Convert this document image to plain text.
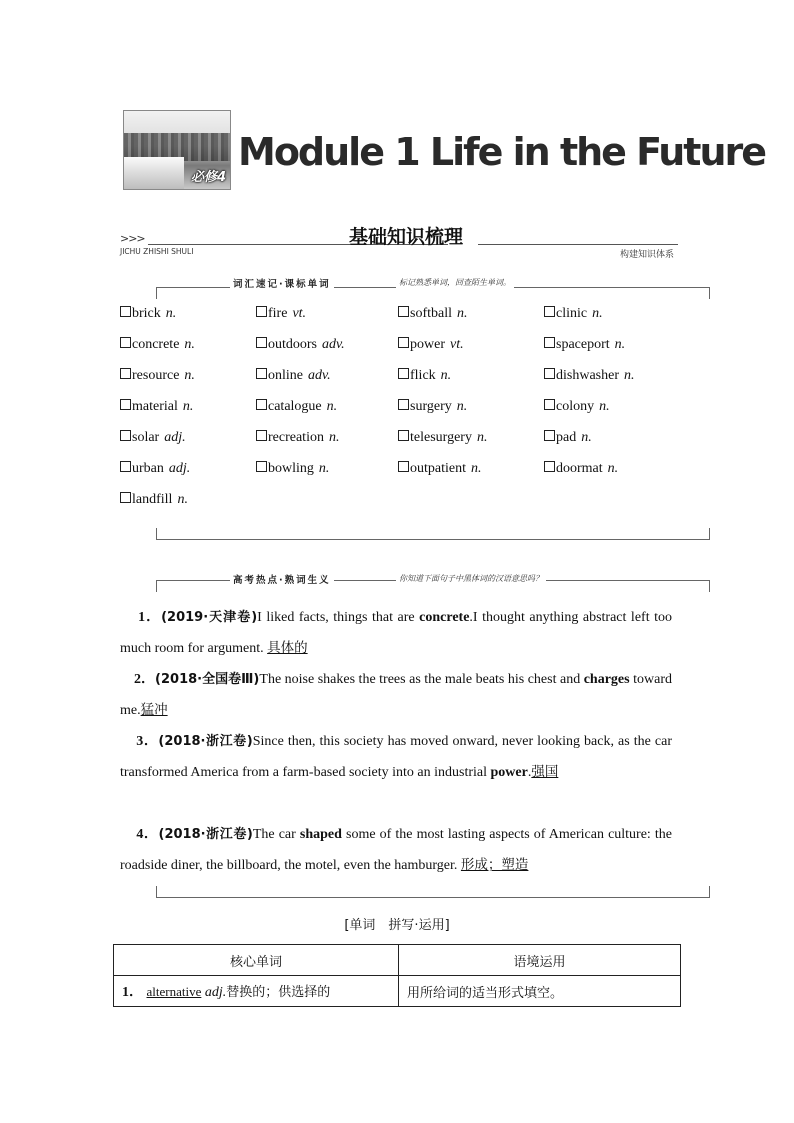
必修4
Module 1 Life in the Future
>>>
JICHU ZHISHI SHULI
基础知识梳理
构建知识体系
词汇速记·课标单词	标记熟悉单词，回查陌生单词。
brick n.	fire vt.	softball n.	clinic n.
concrete n.	outdoors adv.	power vt.	spaceport n.
resource n.	online adv.	flick n.	dishwasher n.
material n.	catalogue n.	surgery n.	colony n.
solar adj.	recreation n.	telesurgery n.	pad n.
urban adj.	bowling n.	outpatient n.	doormat n.
landfill n.
高考热点·熟词生义	你知道下面句子中黑体词的汉语意思吗？
1．(2019·天津卷)I liked facts, things that are concrete.I thought anything abstract left too much room for argument. 具体的
2．(2018·全国卷Ⅲ)The noise shakes the trees as the male beats his chest and charges toward me.猛冲
3．(2018·浙江卷)Since then, this society has moved onward, never looking back, as the car transformed America from a farm-based society into an industrial power.强国
4．(2018·浙江卷)The car shaped some of the most lasting aspects of American culture: the roadside diner, the billboard, the motel, even the hamburger. 形成；塑造
[单词　拼写·运用]
核心单词	语境运用
1． alternative adj.替换的；供选择的	用所给词的适当形式填空。
